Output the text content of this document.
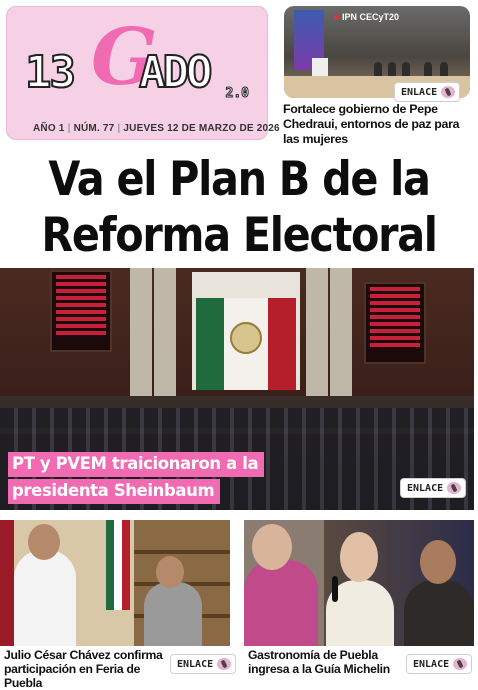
13 G
ADO 2.0
AÑO 1 | NÚM. 77 | JUEVES 12 DE MARZO DE 2026
■ IPN CECyT20
ENLACE
Fortalece gobierno de Pepe Chedraui, entornos de paz para las mujeres
Va el Plan B de la
Reforma Electoral
PT y PVEM traicionaron a la
presidenta Sheinbaum	ENLACE
Julio César Chávez confirma
participación en Feria de Puebla
ENLACE
Gastronomía de Puebla
ingresa a la Guía Michelin	ENLACE
